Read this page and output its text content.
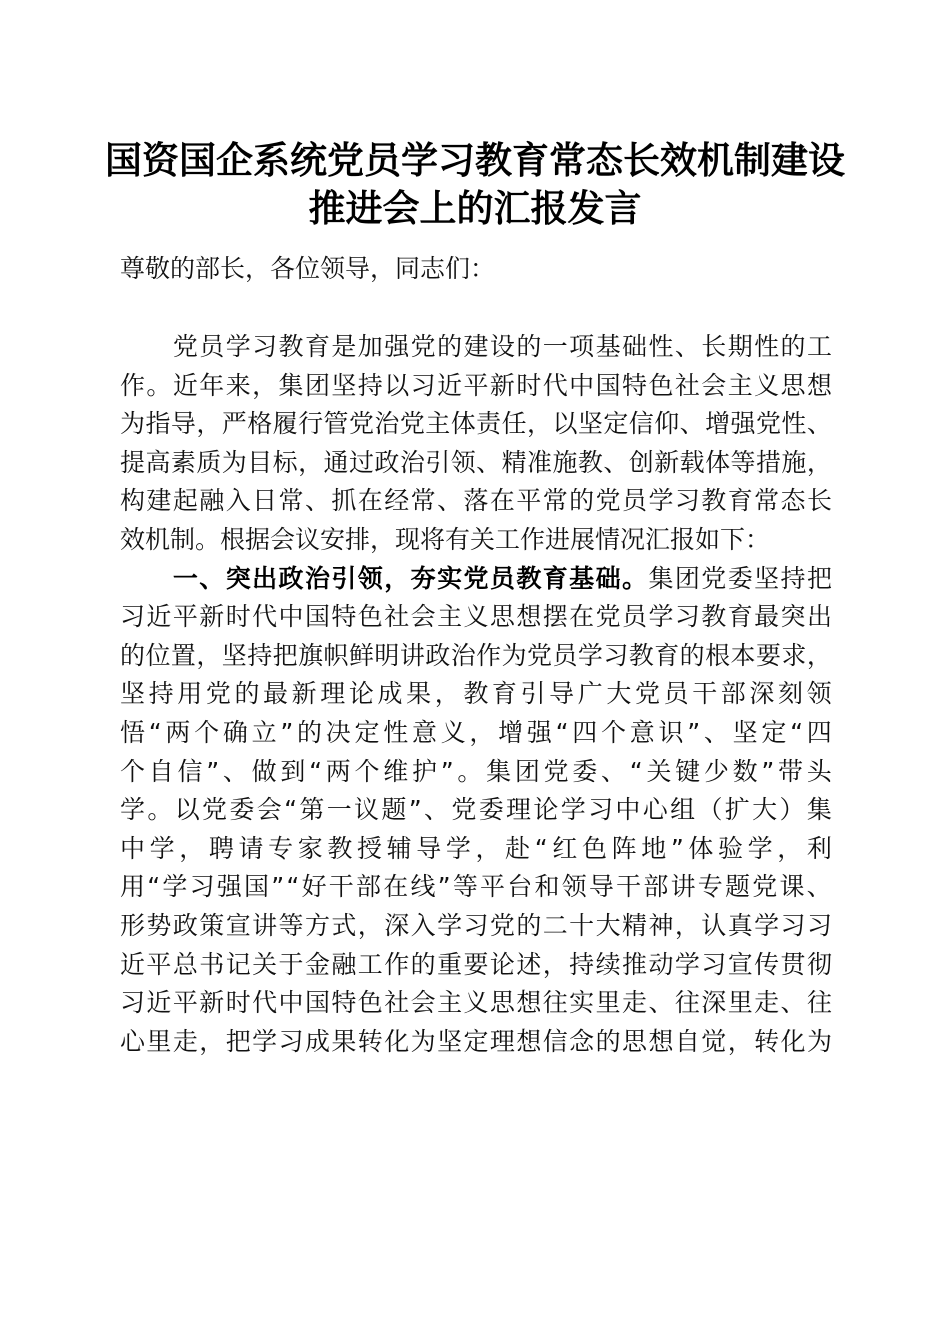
国资国企系统党员学习教育常态长效机制建设
推进会上的汇报发言
尊敬的部长，各位领导，同志们：

党 员 学 习 教 育 是 加 强 党 的 建 设 的 一 项 基 础 性 、 长 期 性 的 工
作 。 近 年 来 ， 集 团 坚 持 以 习 近 平 新 时 代 中 国 特 色 社 会 主 义 思 想
为 指 导 ， 严 格 履 行 管 党 治 党 主 体 责 任 ， 以 坚 定 信 仰 、 增 强 党 性 、
提 高 素 质 为 目 标 ， 通 过 政 治 引 领 、 精 准 施 教 、 创 新 载 体 等 措 施 ，
构 建 起 融 入 日 常 、 抓 在 经 常 、 落 在 平 常 的 党 员 学 习 教 育 常 态 长
效机制。根据会议安排，现将有关工作进展情况汇报如下：

一 、 突 出 政 治 引 领 ， 夯 实 党 员 教 育 基 础 。 集 团 党 委 坚 持 把
习 近 平 新 时 代 中 国 特 色 社 会 主 义 思 想 摆 在 党 员 学 习 教 育 最 突 出
的 位 置 ， 坚 持 把 旗 帜 鲜 明 讲 政 治 作 为 党 员 学 习 教 育 的 根 本 要 求 ，
坚 持 用 党 的 最 新 理 论 成 果 ， 教 育 引 导 广 大 党 员 干 部 深 刻 领
悟 “ 两 个 确 立 ” 的 决 定 性 意 义 ， 增 强 “ 四 个 意 识 ” 、 坚 定 “ 四
个 自 信 ” 、 做 到 “ 两 个 维 护 ” 。 集 团 党 委 、 “ 关 键 少 数 ” 带 头
学 。 以 党 委 会 “ 第 一 议 题 ” 、 党 委 理 论 学 习 中 心 组 （ 扩 大 ） 集
中 学 ， 聘 请 专 家 教 授 辅 导 学 ， 赴 “ 红 色 阵 地 ” 体 验 学 ， 利
用 “ 学 习 强 国 ” “ 好 干 部 在 线 ” 等 平 台 和 领 导 干 部 讲 专 题 党 课 、
形 势 政 策 宣 讲 等 方 式 ， 深 入 学 习 党 的 二 十 大 精 神 ， 认 真 学 习 习
近 平 总 书 记 关 于 金 融 工 作 的 重 要 论 述 ， 持 续 推 动 学 习 宣 传 贯 彻
习 近 平 新 时 代 中 国 特 色 社 会 主 义 思 想 往 实 里 走 、 往 深 里 走 、 往
心 里 走 ， 把 学 习 成 果 转 化 为 坚 定 理 想 信 念 的 思 想 自 觉 ， 转 化 为
